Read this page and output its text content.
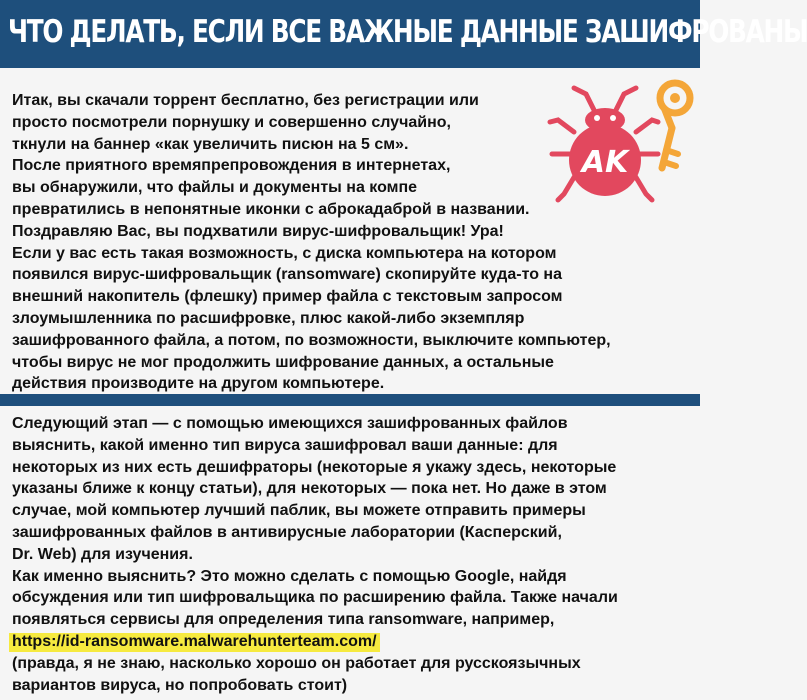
ЧТО ДЕЛАТЬ, ЕСЛИ ВСЕ ВАЖНЫЕ ДАННЫЕ ЗАШИФРОВАНЫ
AK
Итак, вы скачали торрент бесплатно, без регистрации или
просто посмотрели порнушку и совершенно случайно,
ткнули на баннер «как увеличить писюн на 5 см».
После приятного времяпрепровождения в интернетах,
вы обнаружили, что файлы и документы на компе
превратились в непонятные иконки с аброкадаброй в названии.
Поздравляю Вас, вы подхватили вирус-шифровальщик! Ура!
Если у вас есть такая возможность, с диска компьютера на котором
появился вирус-шифровальщик (ransomware) скопируйте куда-то на
внешний накопитель (флешку) пример файла с текстовым запросом
злоумышленника по расшифровке, плюс какой-либо экземпляр
зашифрованного файла, а потом, по возможности, выключите компьютер,
чтобы вирус не мог продолжить шифрование данных, а остальные
действия производите на другом компьютере.
Следующий этап — с помощью имеющихся зашифрованных файлов
выяснить, какой именно тип вируса зашифровал ваши данные: для
некоторых из них есть дешифраторы (некоторые я укажу здесь, некоторые
указаны ближе к концу статьи), для некоторых — пока нет. Но даже в этом
случае, мой компьютер лучший паблик, вы можете отправить примеры
зашифрованных файлов в антивирусные лаборатории (Касперский,
Dr. Web) для изучения.
Как именно выяснить? Это можно сделать с помощью Google, найдя
обсуждения или тип шифровальщика по расширению файла. Также начали
появляться сервисы для определения типа ransomware, например,
https://id-ransomware.malwarehunterteam.com/
(правда, я не знаю, насколько хорошо он работает для русскоязычных
вариантов вируса, но попробовать стоит)
